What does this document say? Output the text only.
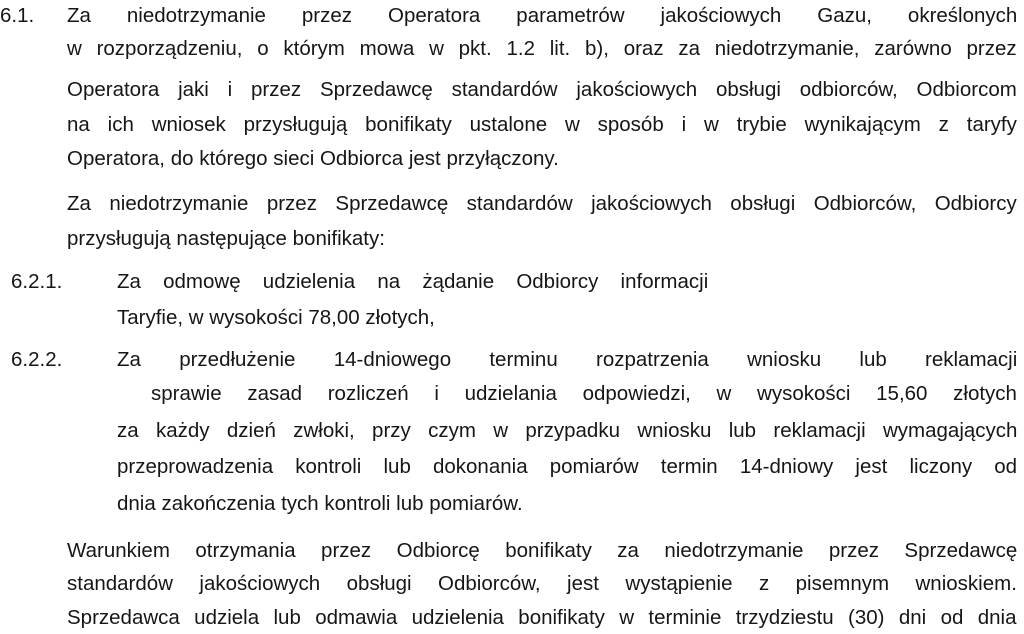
6.1. Za niedotrzymanie przez Operatora parametrów jakościowych Gazu, określonych
w rozporządzeniu, o którym mowa w pkt. 1.2 lit. b), oraz za niedotrzymanie, zarówno przez
Operatora jaki i przez Sprzedawcę standardów jakościowych obsługi odbiorców, Odbiorcom
na ich wniosek przysługują bonifikaty ustalone w sposób i w trybie wynikającym z taryfy
Operatora, do którego sieci Odbiorca jest przyłączony.
Za niedotrzymanie przez Sprzedawcę standardów jakościowych obsługi Odbiorców, Odbiorcy
przysługują następujące bonifikaty:
6.2.1.	Za odmowę udzielenia na żądanie Odbiorcy informacji
Taryfie, w wysokości 78,00 złotych,
6.2.2.	Za przedłużenie 14-dniowego terminu rozpatrzenia wniosku lub reklamacji
sprawie zasad rozliczeń i udzielania odpowiedzi, w wysokości 15,60 złotych
za każdy dzień zwłoki, przy czym w przypadku wniosku lub reklamacji wymagających
przeprowadzenia kontroli lub dokonania pomiarów termin 14-dniowy jest liczony od
dnia zakończenia tych kontroli lub pomiarów.
Warunkiem otrzymania przez Odbiorcę bonifikaty za niedotrzymanie przez Sprzedawcę
standardów jakościowych obsługi Odbiorców, jest wystąpienie z pisemnym wnioskiem.
Sprzedawca udziela lub odmawia udzielenia bonifikaty w terminie trzydziestu (30) dni od dnia
